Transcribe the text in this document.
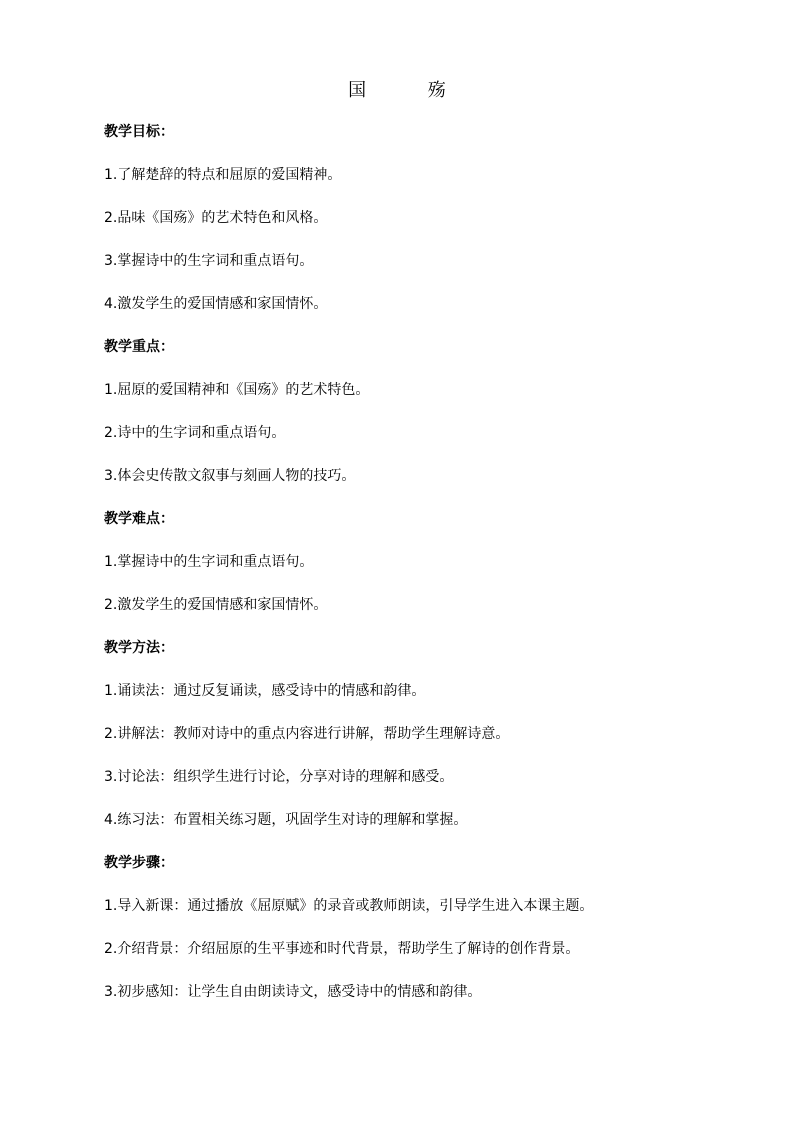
国 殇
教学目标：
1.了解楚辞的特点和屈原的爱国精神。
2.品味《国殇》的艺术特色和风格。
3.掌握诗中的生字词和重点语句。
4.激发学生的爱国情感和家国情怀。
教学重点：
1.屈原的爱国精神和《国殇》的艺术特色。
2.诗中的生字词和重点语句。
3.体会史传散文叙事与刻画人物的技巧。
教学难点：
1.掌握诗中的生字词和重点语句。
2.激发学生的爱国情感和家国情怀。
教学方法：
1.诵读法：通过反复诵读，感受诗中的情感和韵律。
2.讲解法：教师对诗中的重点内容进行讲解，帮助学生理解诗意。
3.讨论法：组织学生进行讨论，分享对诗的理解和感受。
4.练习法：布置相关练习题，巩固学生对诗的理解和掌握。
教学步骤：
1.导入新课：通过播放《屈原赋》的录音或教师朗读，引导学生进入本课主题。
2.介绍背景：介绍屈原的生平事迹和时代背景，帮助学生了解诗的创作背景。
3.初步感知：让学生自由朗读诗文，感受诗中的情感和韵律。
